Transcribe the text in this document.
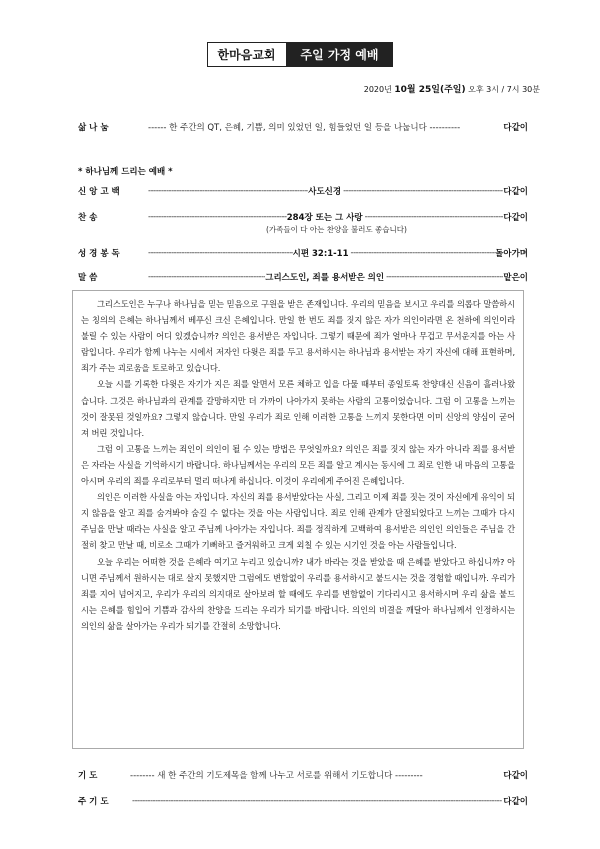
한마음교회	주일 가정 예배
2020년 10월 25일(주일) 오후 3시 / 7시 30분
삶 나 눔	------ 한 주간의 QT, 은혜, 기쁨, 의미 있었던 일, 힘들었던 일 등을 나눕니다 ----------	다같이
* 하나님께 드리는 예배 *
신 앙 고 백 -----	사도신경 -----	다같이
찬 송 -----	284장 또는 그 사랑 -----	다같이
(가족들이 다 아는 찬양을 불러도 좋습니다)
성 경 봉 독 -----	시편 32:1-11 -----	돌아가며
말 씀 -----	그리스도인, 죄를 용서받은 의인 -----	맡은이

그리스도인은 누구나 하나님을 믿는 믿음으로 구원을 받은 존재입니다. 우리의 믿음을 보시고 우리를 의롭다 말씀하시는 칭의의 은혜는 하나님께서 베푸신 크신 은혜입니다. 만일 한 번도 죄를 짓지 않은 자가 의인이라면 온 천하에 의인이라 불릴 수 있는 사람이 어디 있겠습니까? 의인은 용서받은 자입니다. 그렇기 때문에 죄가 얼마나 무겁고 무서운지를 아는 사람입니다. 우리가 함께 나누는 시에서 저자인 다윗은 죄를 두고 용서하시는 하나님과 용서받는 자기 자신에 대해 표현하며, 죄가 주는 괴로움을 토로하고 있습니다.

오늘 시를 기록한 다윗은 자기가 지은 죄를 알면서 모른 체하고 입을 다물 때부터 종일토록 찬양대신 신음이 흘러나왔습니다. 그것은 하나님과의 관계를 갈망하지만 더 가까이 나아가지 못하는 사람의 고통이었습니다. 그럼 이 고통을 느끼는 것이 잘못된 것일까요? 그렇지 않습니다. 만일 우리가 죄로 인해 이러한 고통을 느끼지 못한다면 이미 신앙의 양심이 굳어져 버린 것입니다.

그럼 이 고통을 느끼는 죄인이 의인이 될 수 있는 방법은 무엇일까요? 의인은 죄를 짓지 않는 자가 아니라 죄를 용서받은 자라는 사실을 기억하시기 바랍니다. 하나님께서는 우리의 모든 죄를 알고 계시는 동시에 그 죄로 인한 내 마음의 고통을 아시며 우리의 죄를 우리로부터 멀리 떠나게 하십니다. 이것이 우리에게 주어진 은혜입니다.

의인은 이러한 사실을 아는 자입니다. 자신의 죄를 용서받았다는 사실, 그리고 이제 죄를 짓는 것이 자신에게 유익이 되지 않음을 알고 죄를 숨겨봐야 숨길 수 없다는 것을 아는 사람입니다. 죄로 인해 관계가 단절되었다고 느끼는 그때가 다시 주님을 만날 때라는 사실을 알고 주님께 나아가는 자입니다. 죄를 정직하게 고백하여 용서받은 의인인 의인들은 주님을 간절히 찾고 만날 때, 비로소 그때가 기뻐하고 즐거워하고 크게 외칠 수 있는 시기인 것을 아는 사람들입니다.

오늘 우리는 어떠한 것을 은혜라 여기고 누리고 있습니까? 내가 바라는 것을 받았을 때 은혜를 받았다고 하십니까? 아니면 주님께서 원하시는 대로 살지 못했지만 그럼에도 변함없이 우리를 용서하시고 붙드시는 것을 경험할 때입니까. 우리가 죄를 지어 넘어지고, 우리가 우리의 의지대로 살아보려 할 때에도 우리를 변함없이 기다리시고 용서하시며 우리 삶을 붙드시는 은혜를 힘입어 기쁨과 감사의 찬양을 드리는 우리가 되기를 바랍니다. 의인의 비결을 깨달아 하나님께서 인정하시는 의인의 삶을 살아가는 우리가 되기를 간절히 소망합니다.

기 도	-------- 새 한 주간의 기도제목을 함께 나누고 서로를 위해서 기도합니다 ---------	다같이
주 기 도 -----	다같이
